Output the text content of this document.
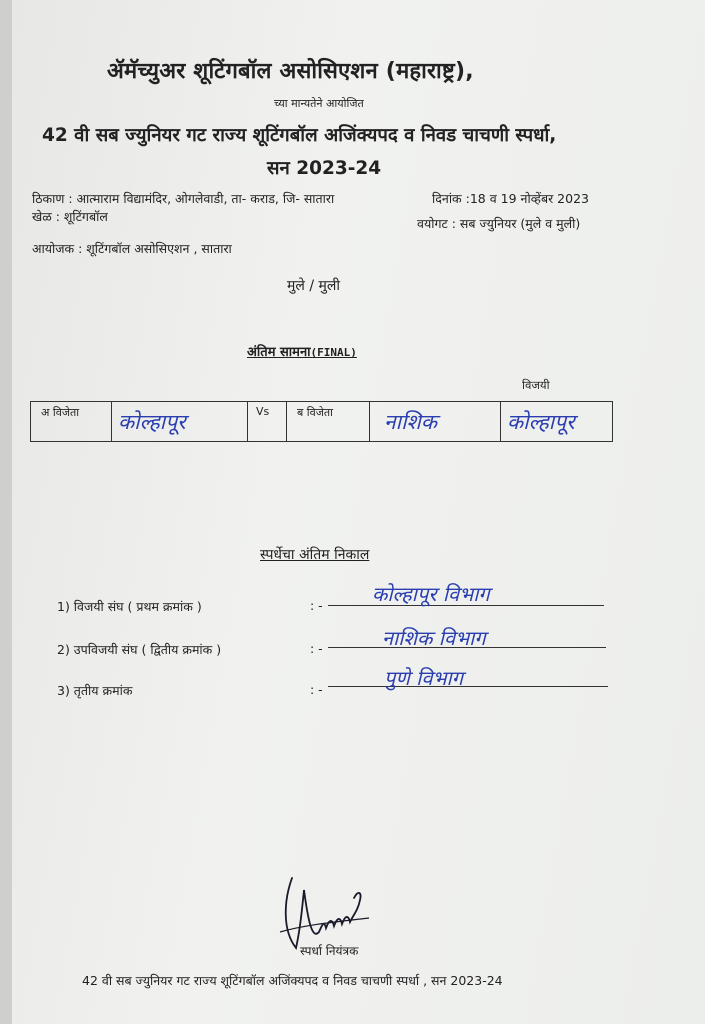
ॲमॅच्युअर शूटिंगबॉल असोसिएशन (महाराष्ट्र),
च्या मान्यतेने आयोजित
42 वी सब ज्युनियर गट राज्य शूटिंगबॉल अजिंक्यपद व निवड चाचणी स्पर्धा,
सन 2023-24
ठिकाण : आत्माराम विद्यामंदिर, ओगलेवाडी, ता- कराड, जि- सातारा	दिनांक :18 व 19 नोव्हेंबर 2023
खेळ : शूटिंगबॉल	वयोगट : सब ज्युनियर (मुले व मुली)
आयोजक : शूटिंगबॉल असोसिएशन , सातारा
मुले / मुली
अंतिम सामना(FINAL)
विजयी
अ विजेता	कोल्हापूर	Vs	ब विजेता	नाशिक	कोल्हापूर
स्पर्धेचा अंतिम निकाल
1) विजयी संघ ( प्रथम क्रमांक )	: - कोल्हापूर विभाग
2) उपविजयी संघ ( द्वितीय क्रमांक )	: -	नाशिक विभाग
3) तृतीय क्रमांक	: -	पुणे विभाग
स्पर्धा नियंत्रक
42 वी सब ज्युनियर गट राज्य शूटिंगबॉल अजिंक्यपद व निवड चाचणी स्पर्धा , सन 2023-24
